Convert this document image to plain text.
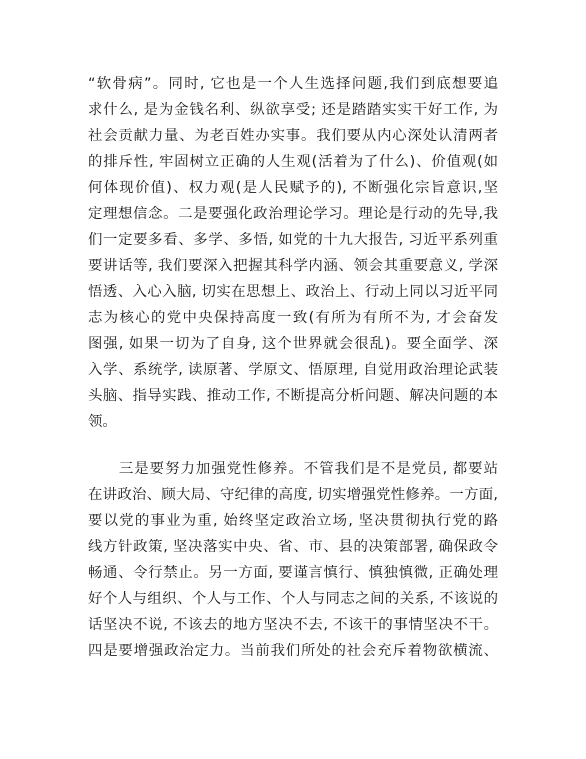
“软骨病”。同时, 它也是一个人生选择问题,我们到底想要追
求什么, 是为金钱名利、纵欲享受; 还是踏踏实实干好工作, 为
社会贡献力量、为老百姓办实事。我们要从内心深处认清两者
的排斥性, 牢固树立正确的人生观(活着为了什么)、价值观(如
何体现价值)、权力观(是人民赋予的), 不断强化宗旨意识,坚
定理想信念。二是要强化政治理论学习。理论是行动的先导,我
们一定要多看、多学、多悟, 如党的十九大报告, 习近平系列重
要讲话等, 我们要深入把握其科学内涵、领会其重要意义, 学深
悟透、入心入脑, 切实在思想上、政治上、行动上同以习近平同
志为核心的党中央保持高度一致(有所为有所不为, 才会奋发
图强, 如果一切为了自身, 这个世界就会很乱)。要全面学、深
入学、系统学, 读原著、学原文、悟原理, 自觉用政治理论武装
头脑、指导实践、推动工作, 不断提高分析问题、解决问题的本
领。
　　三是要努力加强党性修养。不管我们是不是党员, 都要站
在讲政治、顾大局、守纪律的高度, 切实增强党性修养。一方面,
要以党的事业为重, 始终坚定政治立场, 坚决贯彻执行党的路
线方针政策, 坚决落实中央、省、市、县的决策部署, 确保政令
畅通、令行禁止。另一方面, 要谨言慎行、慎独慎微, 正确处理
好个人与组织、个人与工作、个人与同志之间的关系, 不该说的
话坚决不说, 不该去的地方坚决不去, 不该干的事情坚决不干。
四是要增强政治定力。当前我们所处的社会充斥着物欲横流、
